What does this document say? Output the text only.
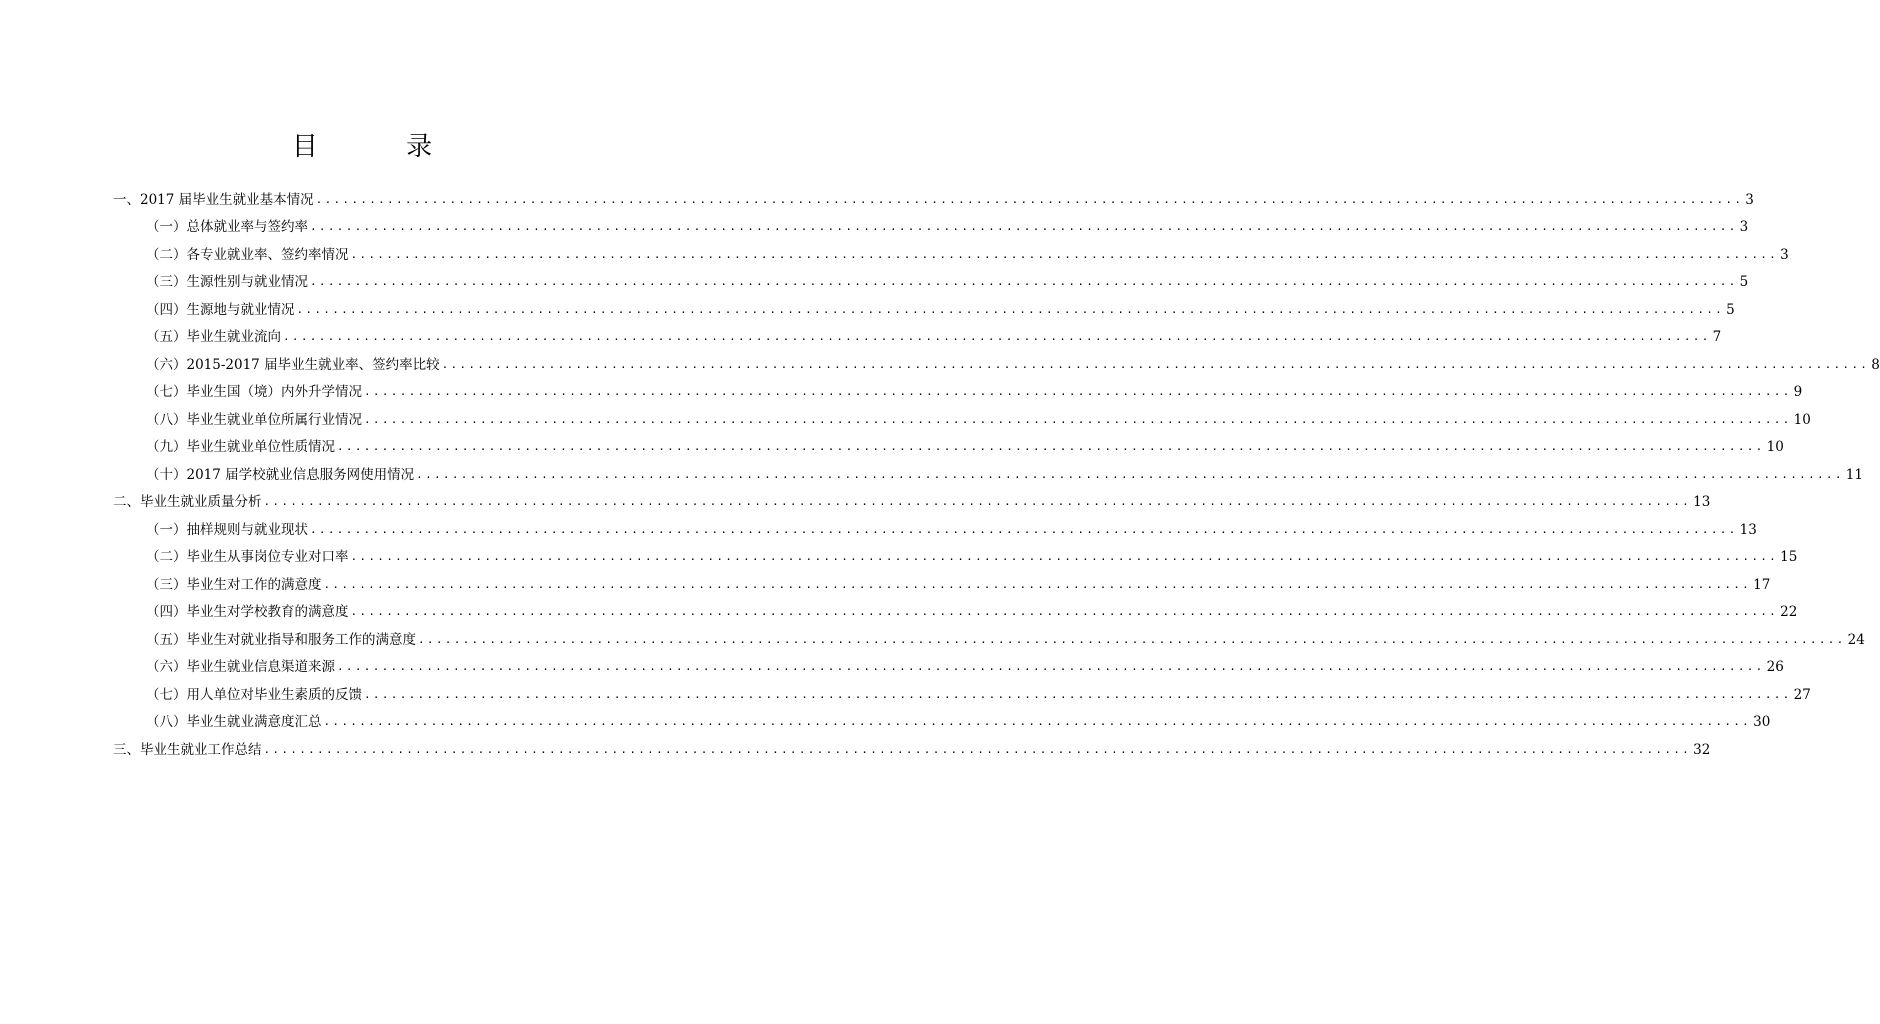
目 录
一、2017 届毕业生就业基本情况 ................................................................................................................................................................ 3
（一）总体就业率与签约率 ................................................................................................................................................................ 3
（二）各专业就业率、签约率情况 ................................................................................................................................................................ 3
（三）生源性别与就业情况 ................................................................................................................................................................ 5
（四）生源地与就业情况 ................................................................................................................................................................ 5
（五）毕业生就业流向 ................................................................................................................................................................ 7
（六）2015-2017 届毕业生就业率、签约率比较 ................................................................................................................................................................ 8
（七）毕业生国（境）内外升学情况 ................................................................................................................................................................ 9
（八）毕业生就业单位所属行业情况 ................................................................................................................................................................ 10
（九）毕业生就业单位性质情况 ................................................................................................................................................................ 10
（十）2017 届学校就业信息服务网使用情况 ................................................................................................................................................................ 11
二、毕业生就业质量分析 ................................................................................................................................................................ 13
（一）抽样规则与就业现状 ................................................................................................................................................................ 13
（二）毕业生从事岗位专业对口率 ................................................................................................................................................................ 15
（三）毕业生对工作的满意度 ................................................................................................................................................................ 17
（四）毕业生对学校教育的满意度 ................................................................................................................................................................ 22
（五）毕业生对就业指导和服务工作的满意度 ................................................................................................................................................................ 24
（六）毕业生就业信息渠道来源 ................................................................................................................................................................ 26
（七）用人单位对毕业生素质的反馈 ................................................................................................................................................................ 27
（八）毕业生就业满意度汇总 ................................................................................................................................................................ 30
三、毕业生就业工作总结 ................................................................................................................................................................ 32
